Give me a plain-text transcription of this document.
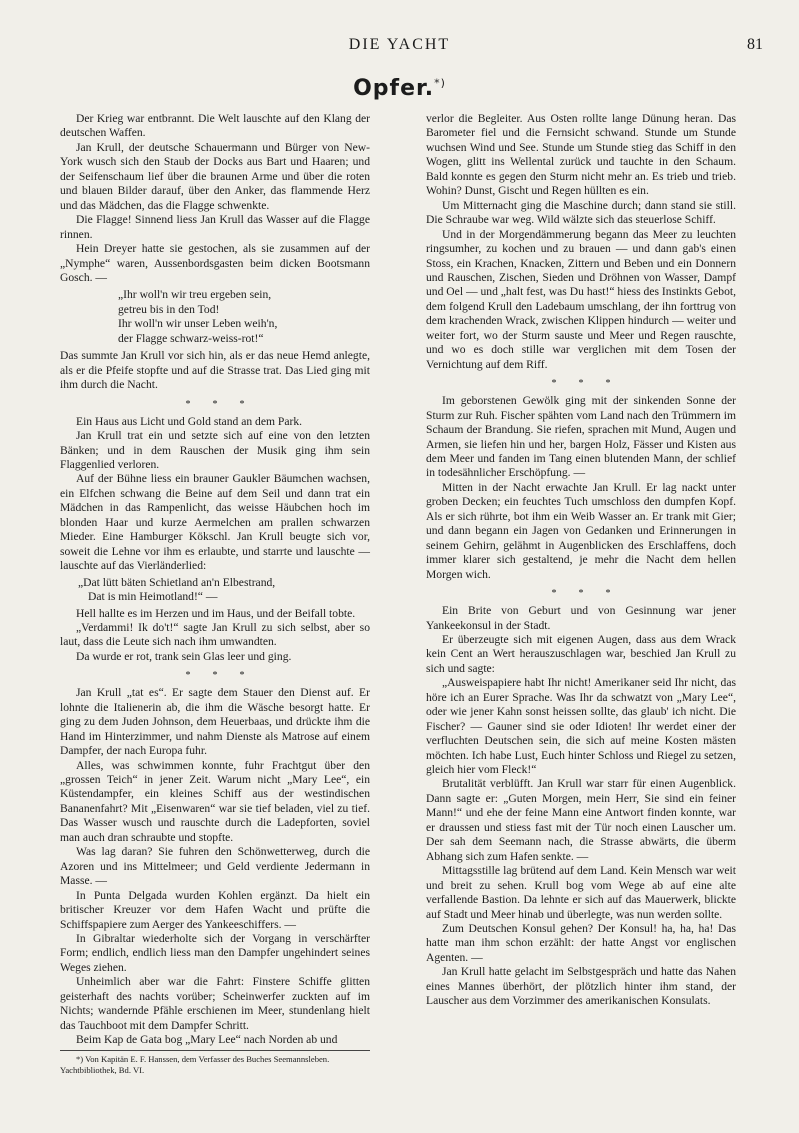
DIE YACHT	81
Opfer.*)

Der Krieg war entbrannt. Die Welt lauschte auf den Klang der deutschen Waffen.

Jan Krull, der deutsche Schauermann und Bürger von New-York wusch sich den Staub der Docks aus Bart und Haaren; und der Seifenschaum lief über die braunen Arme und über die roten und blauen Bilder darauf, über den Anker, das flammende Herz und das Mädchen, das die Flagge schwenkte.

Die Flagge! Sinnend liess Jan Krull das Wasser auf die Flagge rinnen.

Hein Dreyer hatte sie gestochen, als sie zusammen auf der „Nymphe“ waren, Aussenbordsgasten beim dicken Bootsmann Gosch. —

„Ihr woll'n wir treu ergeben sein,
getreu bis in den Tod!
Ihr woll'n wir unser Leben weih'n,
der Flagge schwarz-weiss-rot!“

Das summte Jan Krull vor sich hin, als er das neue Hemd anlegte, als er die Pfeife stopfte und auf die Strasse trat. Das Lied ging mit ihm durch die Nacht.

***

Ein Haus aus Licht und Gold stand an dem Park.

Jan Krull trat ein und setzte sich auf eine von den letzten Bänken; und in dem Rauschen der Musik ging ihm sein Flaggenlied verloren.

Auf der Bühne liess ein brauner Gaukler Bäumchen wachsen, ein Elfchen schwang die Beine auf dem Seil und dann trat ein Mädchen in das Rampenlicht, das weisse Häubchen hoch im blonden Haar und kurze Aermelchen am prallen schwarzen Mieder. Eine Hamburger Kökschl. Jan Krull beugte sich vor, soweit die Lehne vor ihm es erlaubte, und starrte und lauschte — lauschte auf das Vierländerlied:

„Dat lütt bäten Schietland an'n Elbestrand,
Dat is min Heimotland!“ —

Hell hallte es im Herzen und im Haus, und der Beifall tobte.

„Verdammi! Ik do't!“ sagte Jan Krull zu sich selbst, aber so laut, dass die Leute sich nach ihm umwandten.

Da wurde er rot, trank sein Glas leer und ging.

***

Jan Krull „tat es“. Er sagte dem Stauer den Dienst auf. Er lohnte die Italienerin ab, die ihm die Wäsche besorgt hatte. Er ging zu dem Juden Johnson, dem Heuerbaas, und drückte ihm die Hand im Hinterzimmer, und nahm Dienste als Matrose auf einem Dampfer, der nach Europa fuhr.

Alles, was schwimmen konnte, fuhr Frachtgut über den „grossen Teich“ in jener Zeit. Warum nicht „Mary Lee“, ein Küstendampfer, ein kleines Schiff aus der westindischen Bananenfahrt? Mit „Eisenwaren“ war sie tief beladen, viel zu tief. Das Wasser wusch und rauschte durch die Ladepforten, soviel man auch dran schraubte und stopfte.

Was lag daran? Sie fuhren den Schönwetterweg, durch die Azoren und ins Mittelmeer; und Geld verdiente Jedermann in Masse. —

In Punta Delgada wurden Kohlen ergänzt. Da hielt ein britischer Kreuzer vor dem Hafen Wacht und prüfte die Schiffspapiere zum Aerger des Yankeeschiffers. —

In Gibraltar wiederholte sich der Vorgang in verschärfter Form; endlich, endlich liess man den Dampfer ungehindert seines Weges ziehen.

Unheimlich aber war die Fahrt: Finstere Schiffe glitten geisterhaft des nachts vorüber; Scheinwerfer zuckten auf im Nichts; wandernde Pfähle erschienen im Meer, stundenlang hielt das Tauchboot mit dem Dampfer Schritt.

Beim Kap de Gata bog „Mary Lee“ nach Norden ab und

verlor die Begleiter. Aus Osten rollte lange Dünung heran. Das Barometer fiel und die Fernsicht schwand. Stunde um Stunde wuchsen Wind und See. Stunde um Stunde stieg das Schiff in den Wogen, glitt ins Wellental zurück und tauchte in den Schaum. Bald konnte es gegen den Sturm nicht mehr an. Es trieb und trieb. Wohin? Dunst, Gischt und Regen hüllten es ein.

Um Mitternacht ging die Maschine durch; dann stand sie still. Die Schraube war weg. Wild wälzte sich das steuerlose Schiff.

Und in der Morgendämmerung begann das Meer zu leuchten ringsumher, zu kochen und zu brauen — und dann gab's einen Stoss, ein Krachen, Knacken, Zittern und Beben und ein Donnern und Rauschen, Zischen, Sieden und Dröhnen von Wasser, Dampf und Oel — und „halt fest, was Du hast!“ hiess des Instinkts Gebot, dem folgend Krull den Ladebaum umschlang, der ihn forttrug von dem krachenden Wrack, zwischen Klippen hindurch — weiter und weiter fort, wo der Sturm sauste und Meer und Regen rauschte, und wo es doch stille war verglichen mit dem Tosen der Vernichtung auf dem Riff.

***

Im geborstenen Gewölk ging mit der sinkenden Sonne der Sturm zur Ruh. Fischer spähten vom Land nach den Trümmern im Schaum der Brandung. Sie riefen, sprachen mit Mund, Augen und Armen, sie liefen hin und her, bargen Holz, Fässer und Kisten aus dem Meer und fanden im Tang einen blutenden Mann, der schlief in todesähnlicher Erschöpfung. —

Mitten in der Nacht erwachte Jan Krull. Er lag nackt unter groben Decken; ein feuchtes Tuch umschloss den dumpfen Kopf. Als er sich rührte, bot ihm ein Weib Wasser an. Er trank mit Gier; und dann begann ein Jagen von Gedanken und Erinnerungen in seinem Gehirn, gelähmt in Augenblicken des Erschlaffens, doch immer klarer sich gestaltend, je mehr die Nacht dem hellen Morgen wich.

***

Ein Brite von Geburt und von Gesinnung war jener Yankeekonsul in der Stadt.

Er überzeugte sich mit eigenen Augen, dass aus dem Wrack kein Cent an Wert herauszuschlagen war, beschied Jan Krull zu sich und sagte:

„Ausweispapiere habt Ihr nicht! Amerikaner seid Ihr nicht, das höre ich an Eurer Sprache. Was Ihr da schwatzt von „Mary Lee“, oder wie jener Kahn sonst heissen sollte, das glaub' ich nicht. Die Fischer? — Gauner sind sie oder Idioten! Ihr werdet einer der verfluchten Deutschen sein, die sich auf meine Kosten mästen möchten. Ich habe Lust, Euch hinter Schloss und Riegel zu setzen, gleich hier vom Fleck!“

Brutalität verblüfft. Jan Krull war starr für einen Augenblick. Dann sagte er: „Guten Morgen, mein Herr, Sie sind ein feiner Mann!“ und ehe der feine Mann eine Antwort finden konnte, war er draussen und stiess fast mit der Tür noch einen Lauscher um. Der sah dem Seemann nach, die Strasse abwärts, die überm Abhang sich zum Hafen senkte. —

Mittagsstille lag brütend auf dem Land. Kein Mensch war weit und breit zu sehen. Krull bog vom Wege ab auf eine alte verfallende Bastion. Da lehnte er sich auf das Mauerwerk, blickte auf Stadt und Meer hinab und überlegte, was nun werden sollte.

Zum Deutschen Konsul gehen? Der Konsul! ha, ha, ha! Das hatte man ihm schon erzählt: der hatte Angst vor englischen Agenten. —

Jan Krull hatte gelacht im Selbstgespräch und hatte das Nahen eines Mannes überhört, der plötzlich hinter ihm stand, der Lauscher aus dem Vorzimmer des amerikanischen Konsulats.

*) Von Kapitän E. F. Hanssen, dem Verfasser des Buches Seemannsleben. Yachtbibliothek, Bd. VI.
